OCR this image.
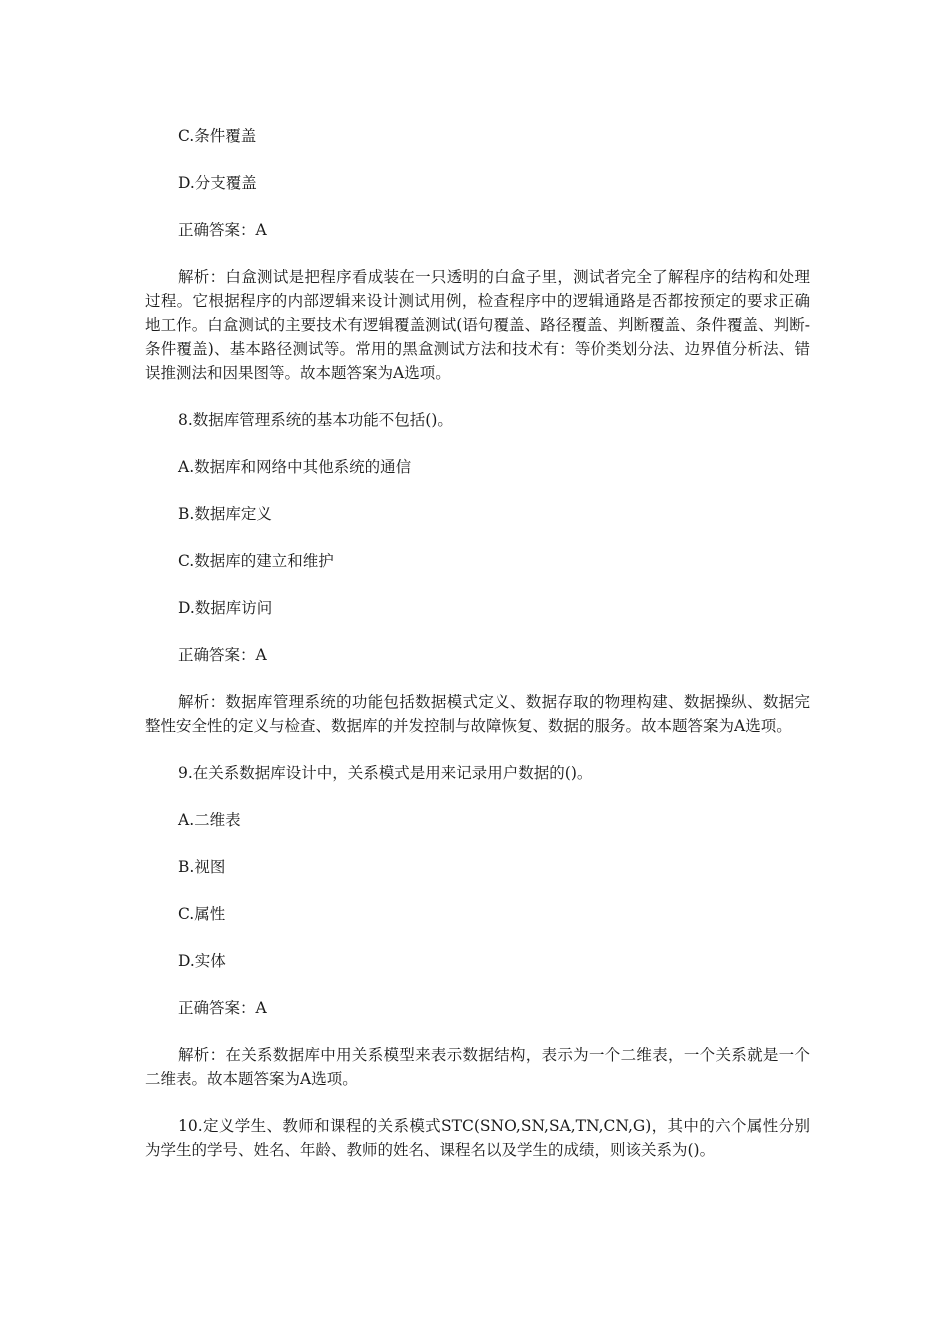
C.条件覆盖

D.分支覆盖

正确答案：A

解析：白盒测试是把程序看成装在一只透明的白盒子里，测试者完全了解程序的结构和处理过程。它根据程序的内部逻辑来设计测试用例，检查程序中的逻辑通路是否都按预定的要求正确地工作。白盒测试的主要技术有逻辑覆盖测试(语句覆盖、路径覆盖、判断覆盖、条件覆盖、判断-条件覆盖)、基本路径测试等。常用的黑盒测试方法和技术有：等价类划分法、边界值分析法、错误推测法和因果图等。故本题答案为A选项。

8.数据库管理系统的基本功能不包括()。

A.数据库和网络中其他系统的通信

B.数据库定义

C.数据库的建立和维护

D.数据库访问

正确答案：A

解析：数据库管理系统的功能包括数据模式定义、数据存取的物理构建、数据操纵、数据完整性安全性的定义与检查、数据库的并发控制与故障恢复、数据的服务。故本题答案为A选项。

9.在关系数据库设计中，关系模式是用来记录用户数据的()。

A.二维表

B.视图

C.属性

D.实体

正确答案：A

解析：在关系数据库中用关系模型来表示数据结构，表示为一个二维表，一个关系就是一个二维表。故本题答案为A选项。

10.定义学生、教师和课程的关系模式STC(SNO,SN,SA,TN,CN,G)，其中的六个属性分别为学生的学号、姓名、年龄、教师的姓名、课程名以及学生的成绩，则该关系为()。
